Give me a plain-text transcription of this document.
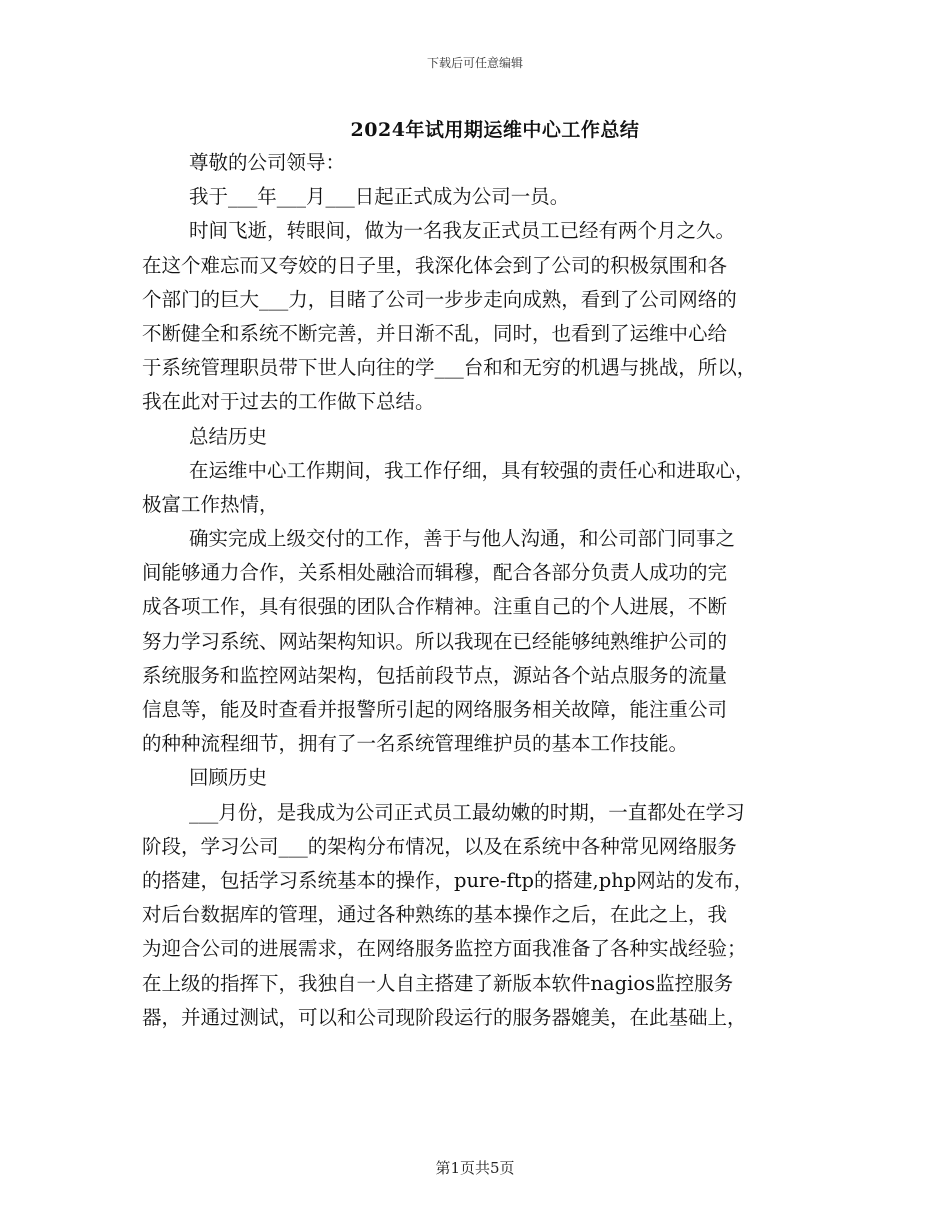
下载后可任意编辑
2024年试用期运维中心工作总结
尊敬的公司领导：
我于___年___月___日起正式成为公司一员。
时间飞逝，转眼间，做为一名我友正式员工已经有两个月之久。
在这个难忘而又夸姣的日子里，我深化体会到了公司的积极氛围和各
个部门的巨大___力，目睹了公司一步步走向成熟，看到了公司网络的
不断健全和系统不断完善，并日渐不乱，同时，也看到了运维中心给
于系统管理职员带下世人向往的学___台和和无穷的机遇与挑战，所以，
我在此对于过去的工作做下总结。
总结历史
在运维中心工作期间，我工作仔细，具有较强的责任心和进取心，
极富工作热情，
确实完成上级交付的工作，善于与他人沟通，和公司部门同事之
间能够通力合作，关系相处融洽而辑穆，配合各部分负责人成功的完
成各项工作，具有很强的团队合作精神。注重自己的个人进展，不断
努力学习系统、网站架构知识。所以我现在已经能够纯熟维护公司的
系统服务和监控网站架构，包括前段节点，源站各个站点服务的流量
信息等，能及时查看并报警所引起的网络服务相关故障，能注重公司
的种种流程细节，拥有了一名系统管理维护员的基本工作技能。
回顾历史
___月份，是我成为公司正式员工最幼嫩的时期，一直都处在学习
阶段，学习公司___的架构分布情况，以及在系统中各种常见网络服务
的搭建，包括学习系统基本的操作，pure-ftp的搭建,php网站的发布，
对后台数据库的管理，通过各种熟练的基本操作之后，在此之上，我
为迎合公司的进展需求，在网络服务监控方面我准备了各种实战经验；
在上级的指挥下，我独自一人自主搭建了新版本软件nagios监控服务
器，并通过测试，可以和公司现阶段运行的服务器媲美，在此基础上，
第1页共5页
